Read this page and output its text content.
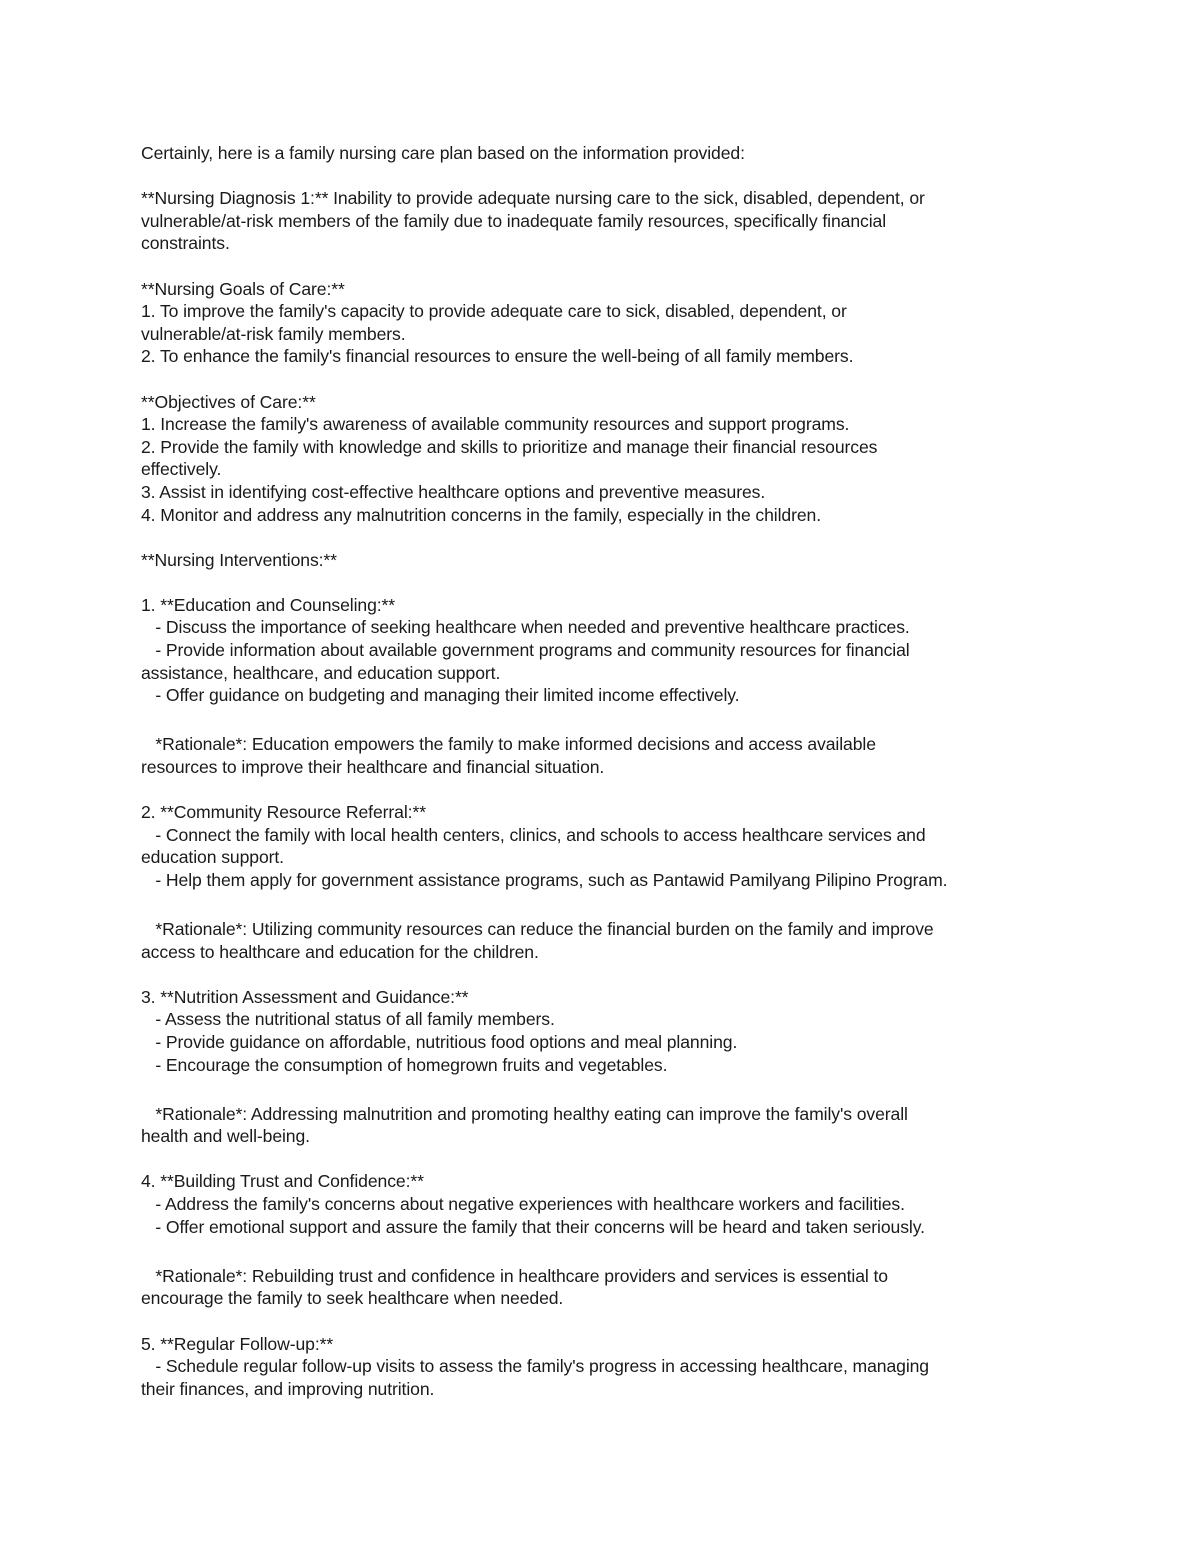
Certainly, here is a family nursing care plan based on the information provided:
**Nursing Diagnosis 1:** Inability to provide adequate nursing care to the sick, disabled, dependent, or
vulnerable/at-risk members of the family due to inadequate family resources, specifically financial
constraints.
**Nursing Goals of Care:**
1. To improve the family's capacity to provide adequate care to sick, disabled, dependent, or
vulnerable/at-risk family members.
2. To enhance the family's financial resources to ensure the well-being of all family members.
**Objectives of Care:**
1. Increase the family's awareness of available community resources and support programs.
2. Provide the family with knowledge and skills to prioritize and manage their financial resources
effectively.
3. Assist in identifying cost-effective healthcare options and preventive measures.
4. Monitor and address any malnutrition concerns in the family, especially in the children.
**Nursing Interventions:**
1. **Education and Counseling:**
- Discuss the importance of seeking healthcare when needed and preventive healthcare practices.
- Provide information about available government programs and community resources for financial
assistance, healthcare, and education support.
- Offer guidance on budgeting and managing their limited income effectively.
*Rationale*: Education empowers the family to make informed decisions and access available
resources to improve their healthcare and financial situation.
2. **Community Resource Referral:**
- Connect the family with local health centers, clinics, and schools to access healthcare services and
education support.
- Help them apply for government assistance programs, such as Pantawid Pamilyang Pilipino Program.
*Rationale*: Utilizing community resources can reduce the financial burden on the family and improve
access to healthcare and education for the children.
3. **Nutrition Assessment and Guidance:**
- Assess the nutritional status of all family members.
- Provide guidance on affordable, nutritious food options and meal planning.
- Encourage the consumption of homegrown fruits and vegetables.
*Rationale*: Addressing malnutrition and promoting healthy eating can improve the family's overall
health and well-being.
4. **Building Trust and Confidence:**
- Address the family's concerns about negative experiences with healthcare workers and facilities.
- Offer emotional support and assure the family that their concerns will be heard and taken seriously.
*Rationale*: Rebuilding trust and confidence in healthcare providers and services is essential to
encourage the family to seek healthcare when needed.
5. **Regular Follow-up:**
- Schedule regular follow-up visits to assess the family's progress in accessing healthcare, managing
their finances, and improving nutrition.
